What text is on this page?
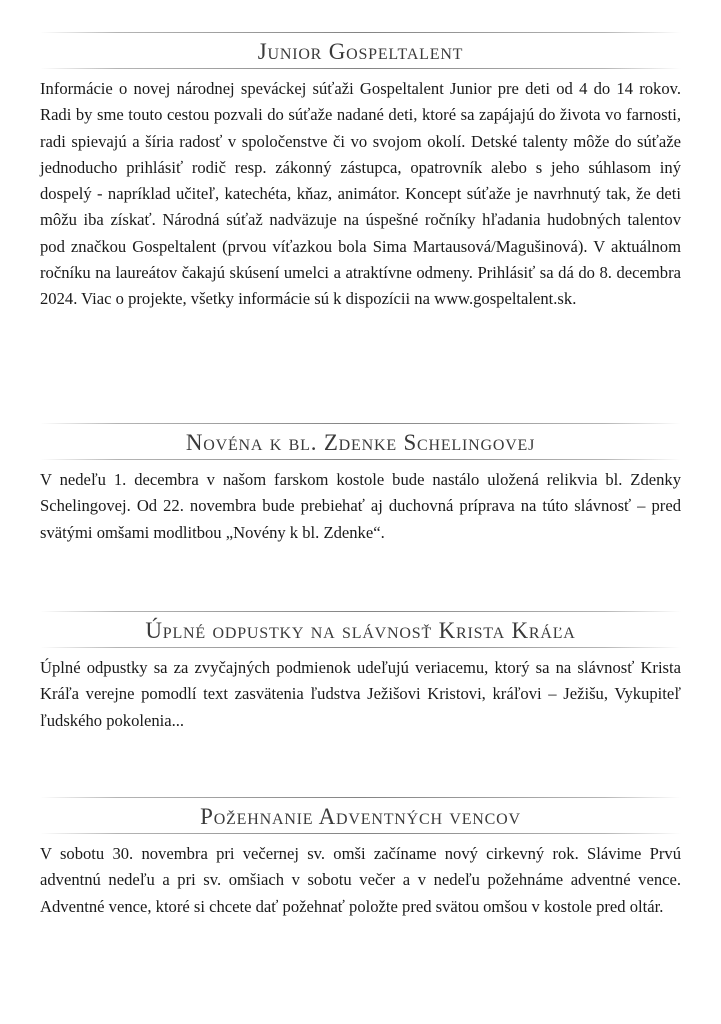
Junior Gospeltalent
Informácie o novej národnej speváckej súťaži Gospeltalent Junior pre deti od 4 do 14 rokov. Radi by sme touto cestou pozvali do súťaže nadané deti, ktoré sa zapájajú do života vo farnosti, radi spievajú a šíria radosť v spoločenstve či vo svojom okolí. Detské talenty môže do súťaže jednoducho prihlásiť rodič resp. zákonný zástupca, opatrovník alebo s jeho súhlasom iný dospelý - napríklad učiteľ, katechéta, kňaz, animátor. Koncept súťaže je navrhnutý tak, že deti môžu iba získať. Národná súťaž nadväzuje na úspešné ročníky hľadania hudobných talentov pod značkou Gospeltalent (prvou víťazkou bola Sima Martausová/Magušinová). V aktuálnom ročníku na laureátov čakajú skúsení umelci a atraktívne odmeny. Prihlásiť sa dá do 8. decembra 2024. Viac o projekte, všetky informácie sú k dispozícii na www.gospeltalent.sk.
Novéna k bl. Zdenke Schelingovej
V nedeľu 1. decembra v našom farskom kostole bude nastálo uložená relikvia bl. Zdenky Schelingovej. Od 22. novembra bude prebiehať aj duchovná príprava na túto slávnosť – pred svätými omšami modlitbou „Novény k bl. Zdenke“.
Úplné odpustky na slávnosť Krista Kráľa
Úplné odpustky sa za zvyčajných podmienok udeľujú veriacemu, ktorý sa na slávnosť Krista Kráľa verejne pomodlí text zasvätenia ľudstva Ježišovi Kristovi, kráľovi – Ježišu, Vykupiteľ ľudského pokolenia...
Požehnanie Adventných vencov
V sobotu 30. novembra pri večernej sv. omši začíname nový cirkevný rok. Slávime Prvú adventnú nedeľu a pri sv. omšiach v sobotu večer a v nedeľu požehnáme adventné vence. Adventné vence, ktoré si chcete dať požehnať položte pred svätou omšou v kostole pred oltár.
